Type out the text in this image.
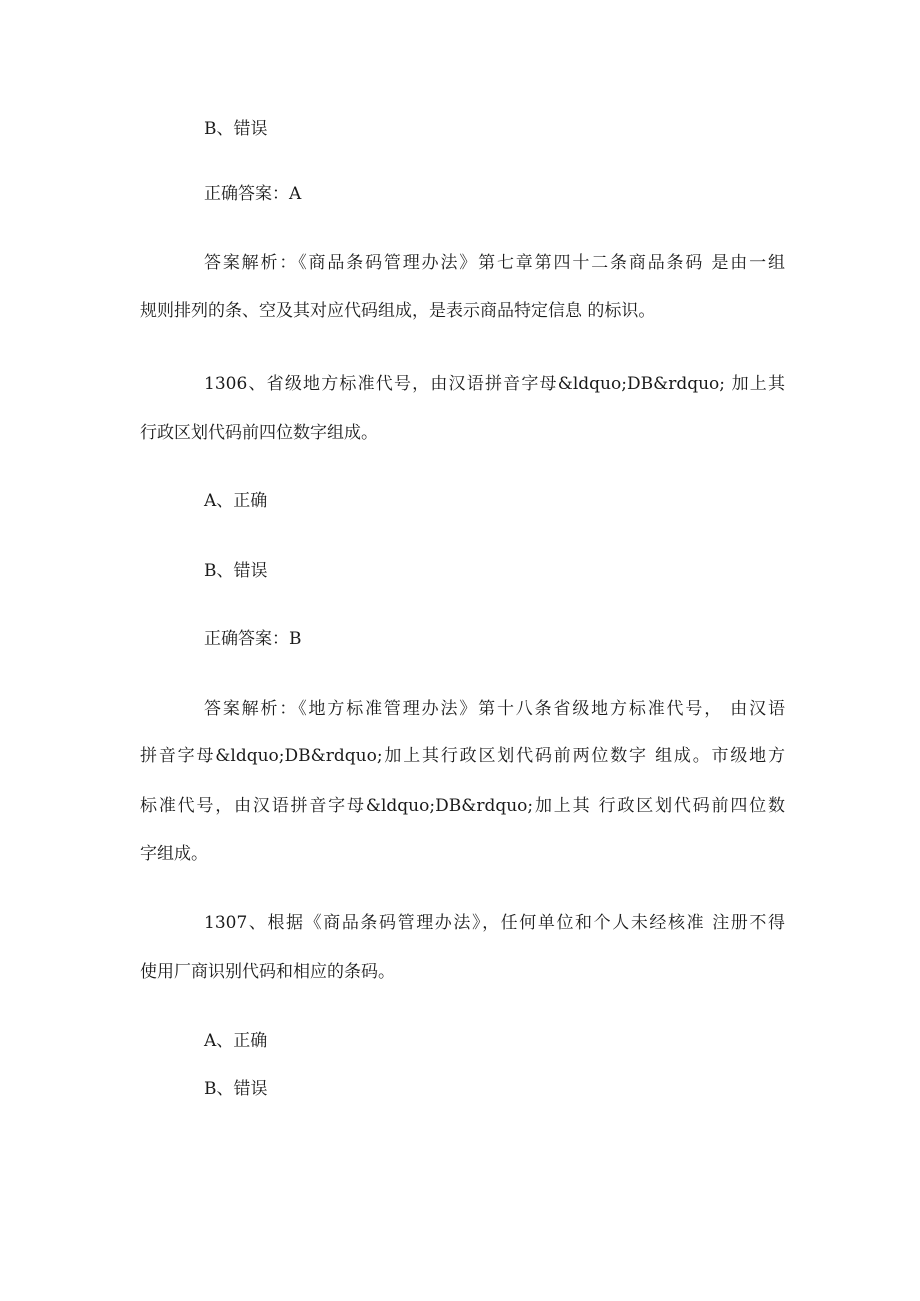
B、错误
正确答案：A
答案解析：《商品条码管理办法》第七章第四十二条商品条码 是由一组
规则排列的条、空及其对应代码组成，是表示商品特定信息 的标识。
1306、省级地方标准代号，由汉语拼音字母&ldquo;DB&rdquo; 加上其
行政区划代码前四位数字组成。
A、正确
B、错误
正确答案：B
答案解析：《地方标准管理办法》第十八条省级地方标准代号， 由汉语
拼音字母&ldquo;DB&rdquo;加上其行政区划代码前两位数字 组成。市级地方
标准代号，由汉语拼音字母&ldquo;DB&rdquo;加上其 行政区划代码前四位数
字组成。
1307、根据《商品条码管理办法》，任何单位和个人未经核准 注册不得
使用厂商识别代码和相应的条码。
A、正确
B、错误
